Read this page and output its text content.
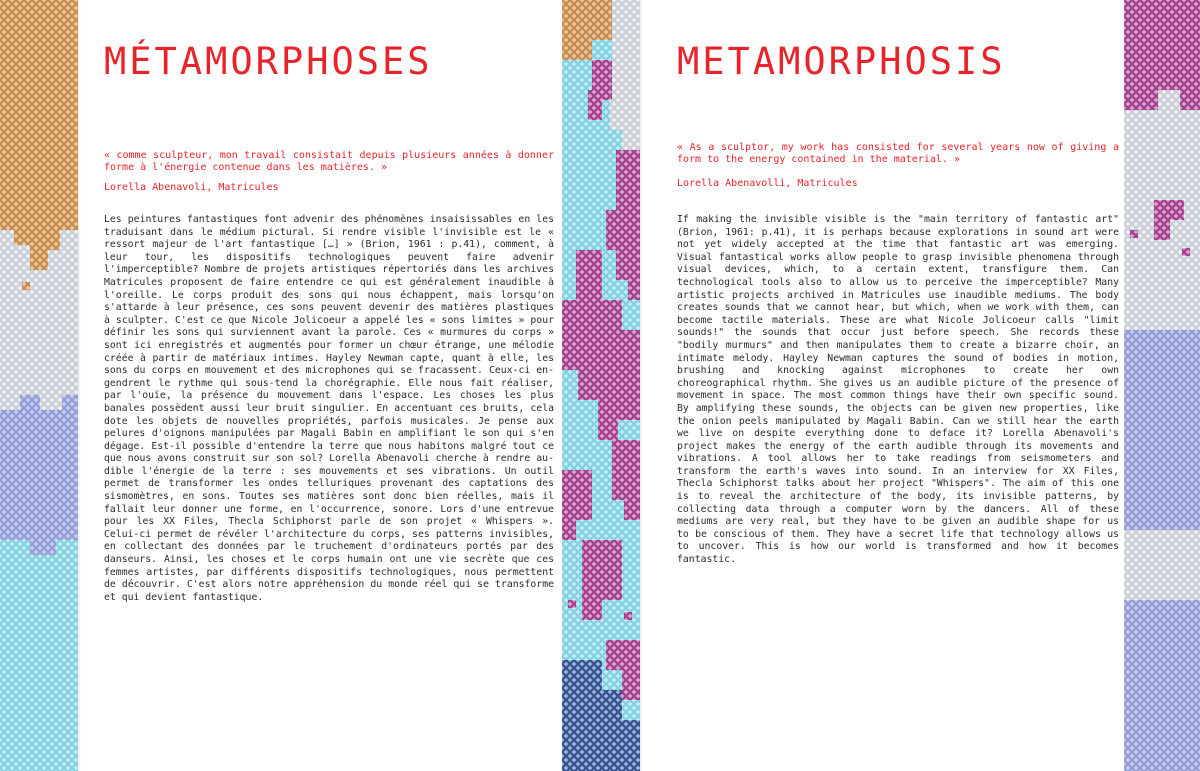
MÉTAMORPHOSES

« comme sculpteur, mon travail consistait depuis plusieurs années à donner forme à l'énergie contenue dans les matières. »

Lorella Abenavoli, Matricules

Les peintures fantastiques font advenir des phénomènes insaisissables en les traduisant dans le médium pictural. Si rendre visible l'invisible est le « ressort majeur de l'art fantastique […] » (Brion, 1961 : p.41), comment, à leur tour, les dispositifs technologiques peuvent faire advenir l'imperceptible? Nombre de projets artistiques répertoriés dans les archives Matricules proposent de faire entendre ce qui est généralement inaudible à l'oreille. Le corps produit des sons qui nous échappent, mais lorsqu'on s'attarde à leur présence, ces sons peuvent devenir des matières plastiques à sculpter. C'est ce que Nicole Jolicoeur a appelé les « sons limites » pour définir les sons qui surviennent avant la parole. Ces « murmures du corps » sont ici enregistrés et augmentés pour former un chœur étrange, une mélodie créée à partir de matériaux intimes. Hayley Newman capte, quant à elle, les sons du corps en mouvement et des microphones qui se fracassent. Ceux-ci engendrent le rythme qui sous-tend la chorégraphie. Elle nous fait réaliser, par l'ouïe, la présence du mouvement dans l'espace. Les choses les plus banales possèdent aussi leur bruit singulier. En accentuant ces bruits, cela dote les objets de nouvelles propriétés, parfois musicales. Je pense aux pelures d'oignons manipulées par Magali Babin en amplifiant le son qui s'en dégage. Est-il possible d'entendre la terre que nous habitons malgré tout ce que nous avons construit sur son sol? Lorella Abenavoli cherche à rendre audible l'énergie de la terre : ses mouvements et ses vibrations. Un outil permet de transformer les ondes telluriques provenant des captations des sismomètres, en sons. Toutes ses matières sont donc bien réelles, mais il fallait leur donner une forme, en l'occurrence, sonore. Lors d'une entrevue pour les XX Files, Thecla Schiphorst parle de son projet « Whispers ». Celui-ci permet de révéler l'architecture du corps, ses patterns invisibles, en collectant des données par le truchement d'ordinateurs portés par des danseurs. Ainsi, les choses et le corps humain ont une vie secrète que ces femmes artistes, par différents dispositifs technologiques, nous permettent de découvrir. C'est alors notre appréhension du monde réel qui se transforme et qui devient fantastique.

METAMORPHOSIS

« As a sculptor, my work has consisted for several years now of giving a form to the energy contained in the material. »

Lorella Abenavolli, Matricules

If making the invisible visible is the "main territory of fantastic art" (Brion, 1961: p.41), it is perhaps because explorations in sound art were not yet widely accepted at the time that fantastic art was emerging. Visual fantastical works allow people to grasp invisible phenomena through visual devices, which, to a certain extent, transfigure them. Can technological tools also to allow us to perceive the imperceptible? Many artistic projects archived in Matricules use inaudible mediums. The body creates sounds that we cannot hear, but which, when we work with them, can become tactile materials. These are what Nicole Jolicoeur calls "limit sounds!" the sounds that occur just before speech. She records these "bodily murmurs" and then manipulates them to create a bizarre choir, an intimate melody. Hayley Newman captures the sound of bodies in motion, brushing and knocking against microphones to create her own choreographical rhythm. She gives us an audible picture of the presence of movement in space. The most common things have their own specific sound. By amplifying these sounds, the objects can be given new properties, like the onion peels manipulated by Magali Babin. Can we still hear the earth we live on despite everything done to deface it? Lorella Abenavoli's project makes the energy of the earth audible through its movements and vibrations. A tool allows her to take readings from seismometers and transform the earth's waves into sound. In an interview for XX Files, Thecla Schiphorst talks about her project "Whispers". The aim of this one is to reveal the architecture of the body, its invisible patterns, by collecting data through a computer worn by the dancers. All of these mediums are very real, but they have to be given an audible shape for us to be conscious of them. They have a secret life that technology allows us to uncover. This is how our world is transformed and how it becomes fantastic.
